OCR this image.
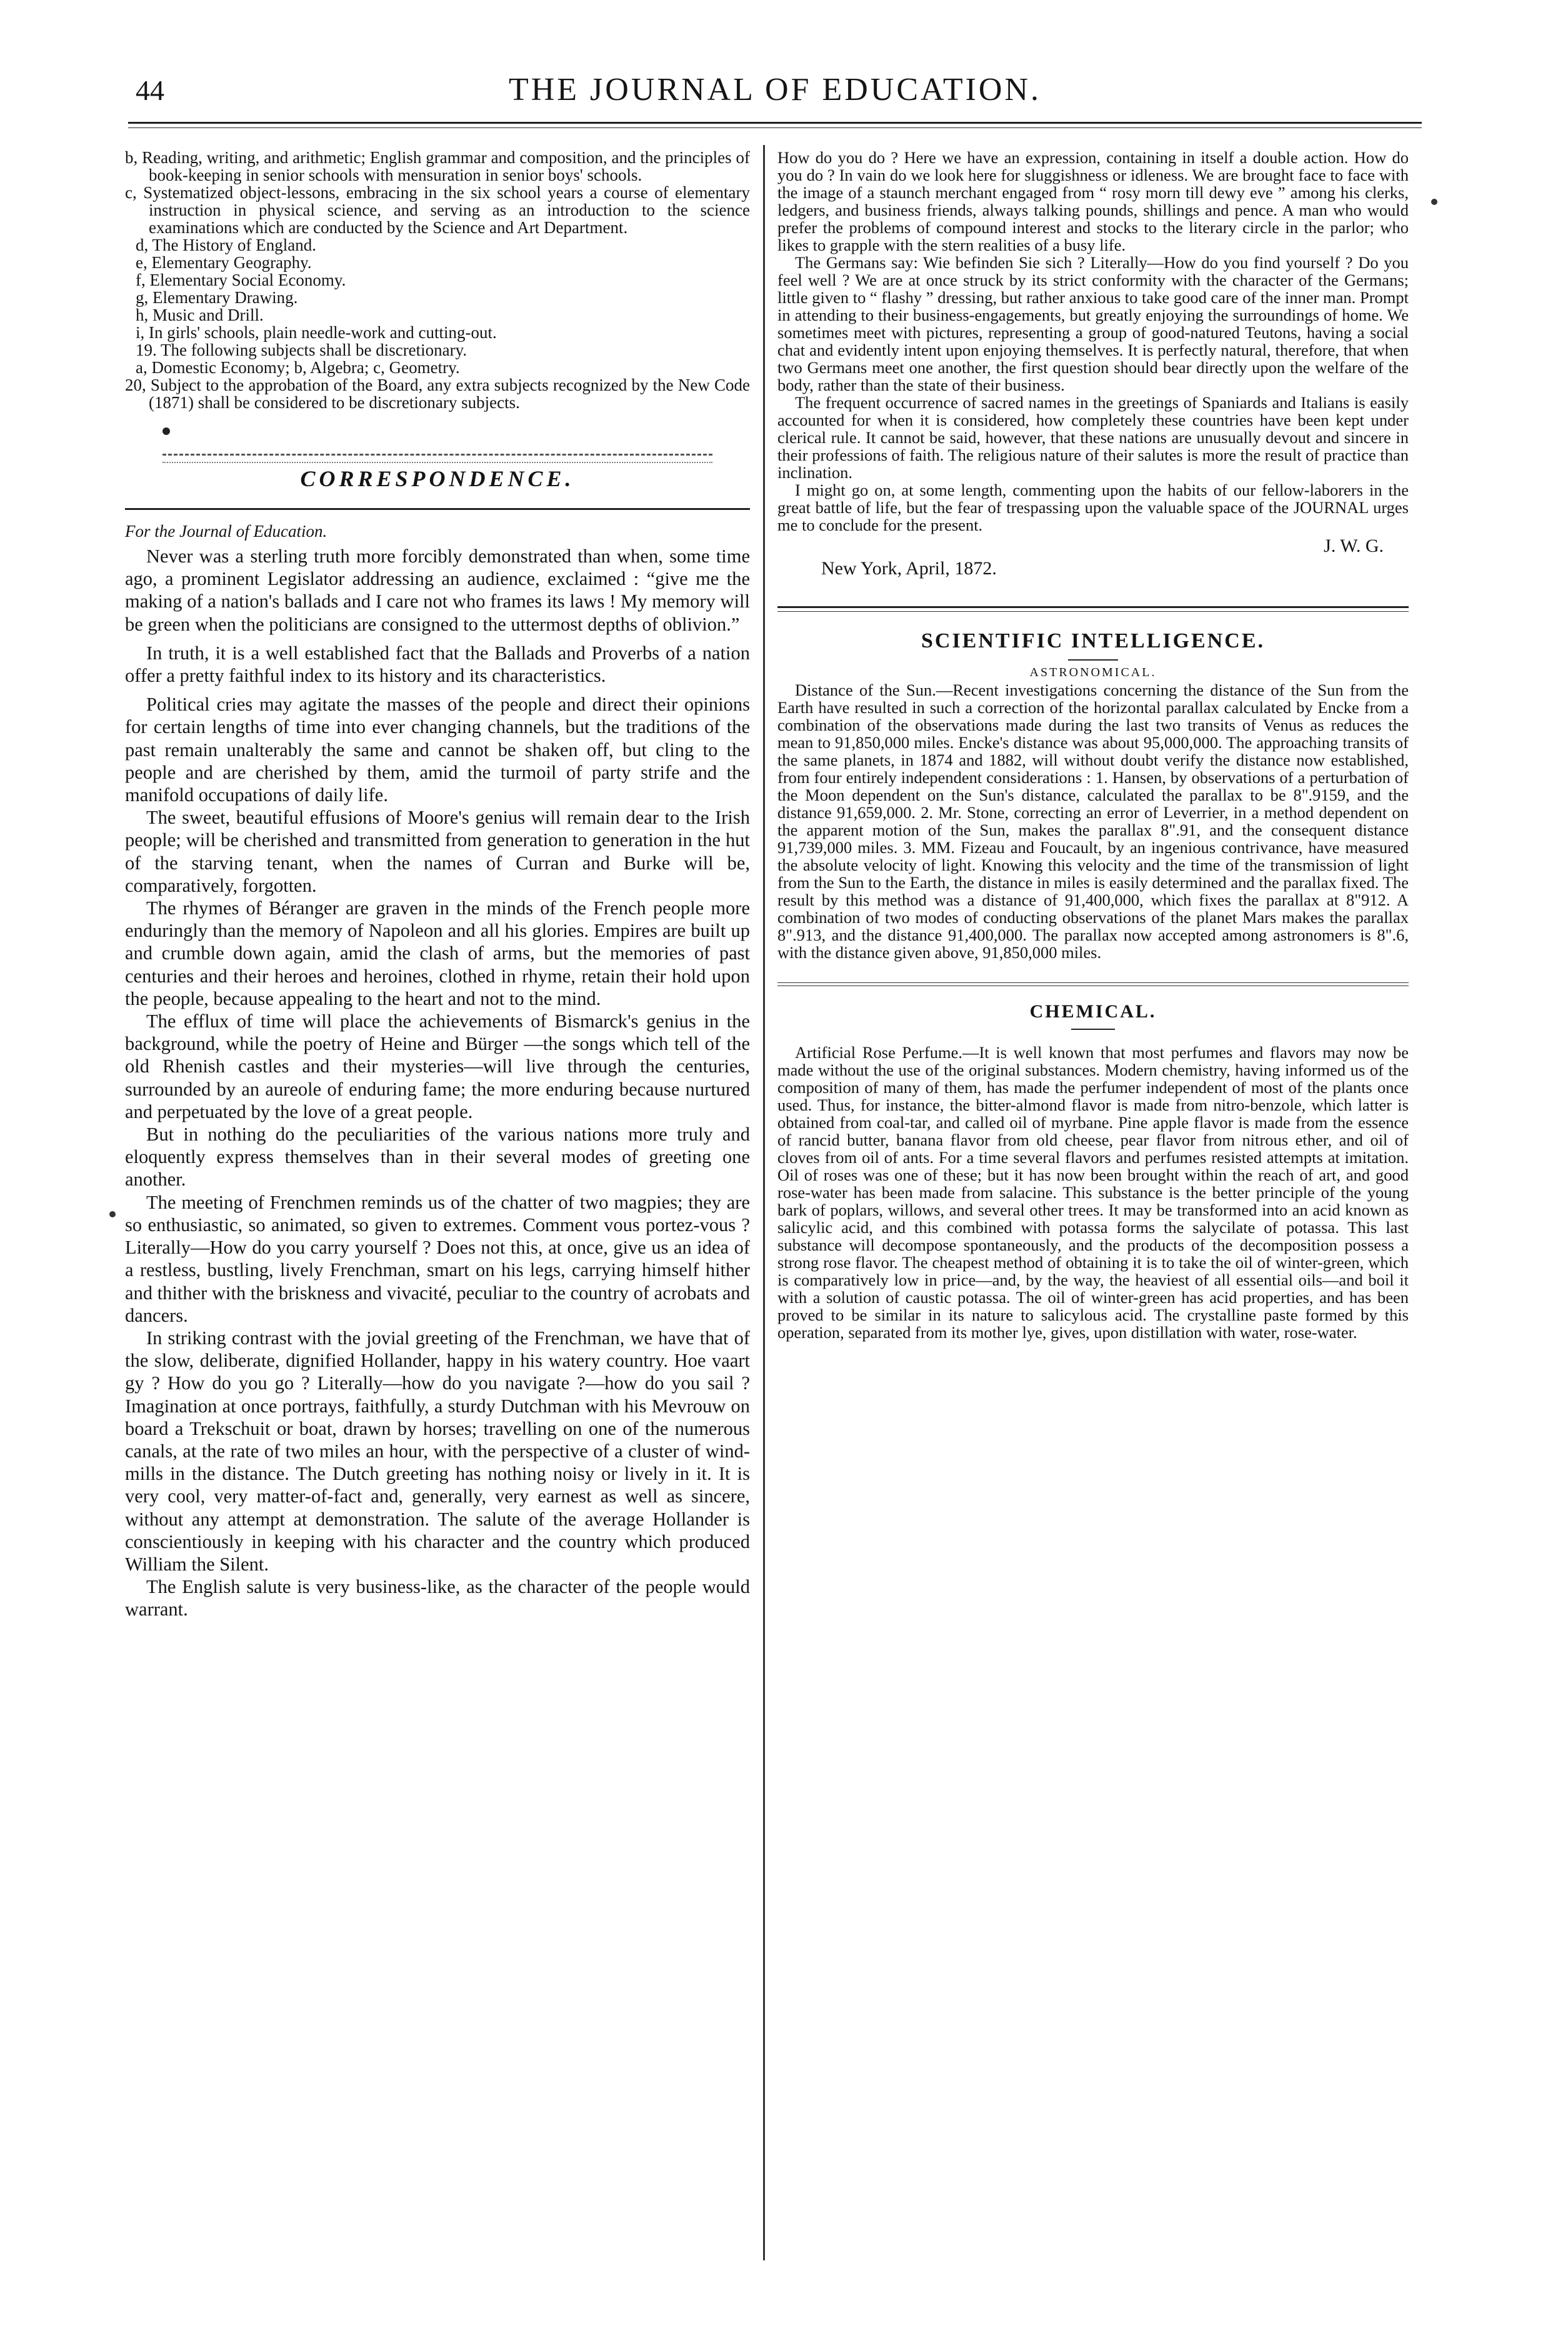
44	THE JOURNAL OF EDUCATION.

b, Reading, writing, and arithmetic; English grammar and composition, and the principles of book-keeping in senior schools with mensuration in senior boys' schools.

c, Systematized object-lessons, embracing in the six school years a course of elementary instruction in physical science, and serving as an introduction to the science examinations which are conducted by the Science and Art Department.

d, The History of England.

e, Elementary Geography.

f, Elementary Social Economy.

g, Elementary Drawing.

h, Music and Drill.

i, In girls' schools, plain needle-work and cutting-out.

19. The following subjects shall be discretionary.

a, Domestic Economy; b, Algebra; c, Geometry.

20, Subject to the approbation of the Board, any extra subjects recognized by the New Code (1871) shall be considered to be discretionary subjects.

CORRESPONDENCE.

For the Journal of Education.

Never was a sterling truth more forcibly demonstrated than when, some time ago, a prominent Legislator addressing an audience, exclaimed : “give me the making of a nation's ballads and I care not who frames its laws ! My memory will be green when the politicians are consigned to the uttermost depths of oblivion.”

In truth, it is a well established fact that the Ballads and Proverbs of a nation offer a pretty faithful index to its history and its characteristics.

Political cries may agitate the masses of the people and direct their opinions for certain lengths of time into ever changing channels, but the traditions of the past remain unalterably the same and cannot be shaken off, but cling to the people and are cherished by them, amid the turmoil of party strife and the manifold occupations of daily life.

The sweet, beautiful effusions of Moore's genius will remain dear to the Irish people; will be cherished and transmitted from generation to generation in the hut of the starving tenant, when the names of Curran and Burke will be, comparatively, forgotten.

The rhymes of Béranger are graven in the minds of the French people more enduringly than the memory of Napoleon and all his glories. Empires are built up and crumble down again, amid the clash of arms, but the memories of past centuries and their heroes and heroines, clothed in rhyme, retain their hold upon the people, because appealing to the heart and not to the mind.

The efflux of time will place the achievements of Bismarck's genius in the background, while the poetry of Heine and Bürger —the songs which tell of the old Rhenish castles and their mysteries—will live through the centuries, surrounded by an aureole of enduring fame; the more enduring because nurtured and perpetuated by the love of a great people.

But in nothing do the peculiarities of the various nations more truly and eloquently express themselves than in their several modes of greeting one another.

The meeting of Frenchmen reminds us of the chatter of two magpies; they are so enthusiastic, so animated, so given to extremes. Comment vous portez-vous ? Literally—How do you carry yourself ? Does not this, at once, give us an idea of a restless, bustling, lively Frenchman, smart on his legs, carrying himself hither and thither with the briskness and vivacité, peculiar to the country of acrobats and dancers.

In striking contrast with the jovial greeting of the Frenchman, we have that of the slow, deliberate, dignified Hollander, happy in his watery country. Hoe vaart gy ? How do you go ? Literally—how do you navigate ?—how do you sail ? Imagination at once portrays, faithfully, a sturdy Dutchman with his Mevrouw on board a Trekschuit or boat, drawn by horses; travelling on one of the numerous canals, at the rate of two miles an hour, with the perspective of a cluster of wind-mills in the distance. The Dutch greeting has nothing noisy or lively in it. It is very cool, very matter-of-fact and, generally, very earnest as well as sincere, without any attempt at demonstration. The salute of the average Hollander is conscientiously in keeping with his character and the country which produced William the Silent.

The English salute is very business-like, as the character of the people would warrant.

How do you do ? Here we have an expression, containing in itself a double action. How do you do ? In vain do we look here for sluggishness or idleness. We are brought face to face with the image of a staunch merchant engaged from “ rosy morn till dewy eve ” among his clerks, ledgers, and business friends, always talking pounds, shillings and pence. A man who would prefer the problems of compound interest and stocks to the literary circle in the parlor; who likes to grapple with the stern realities of a busy life.

The Germans say: Wie befinden Sie sich ? Literally—How do you find yourself ? Do you feel well ? We are at once struck by its strict conformity with the character of the Germans; little given to “ flashy ” dressing, but rather anxious to take good care of the inner man. Prompt in attending to their business-engagements, but greatly enjoying the surroundings of home. We sometimes meet with pictures, representing a group of good-natured Teutons, having a social chat and evidently intent upon enjoying themselves. It is perfectly natural, therefore, that when two Germans meet one another, the first question should bear directly upon the welfare of the body, rather than the state of their business.

The frequent occurrence of sacred names in the greetings of Spaniards and Italians is easily accounted for when it is considered, how completely these countries have been kept under clerical rule. It cannot be said, however, that these nations are unusually devout and sincere in their professions of faith. The religious nature of their salutes is more the result of practice than inclination.

I might go on, at some length, commenting upon the habits of our fellow-laborers in the great battle of life, but the fear of trespassing upon the valuable space of the JOURNAL urges me to conclude for the present.

J. W. G.
New York, April, 1872.
SCIENTIFIC INTELLIGENCE.
ASTRONOMICAL.

Distance of the Sun.—Recent investigations concerning the distance of the Sun from the Earth have resulted in such a correction of the horizontal parallax calculated by Encke from a combination of the observations made during the last two transits of Venus as reduces the mean to 91,850,000 miles. Encke's distance was about 95,000,000. The approaching transits of the same planets, in 1874 and 1882, will without doubt verify the distance now established, from four entirely independent considerations : 1. Hansen, by observations of a perturbation of the Moon dependent on the Sun's distance, calculated the parallax to be 8".9159, and the distance 91,659,000. 2. Mr. Stone, correcting an error of Leverrier, in a method dependent on the apparent motion of the Sun, makes the parallax 8".91, and the consequent distance 91,739,000 miles. 3. MM. Fizeau and Foucault, by an ingenious contrivance, have measured the absolute velocity of light. Knowing this velocity and the time of the transmission of light from the Sun to the Earth, the distance in miles is easily determined and the parallax fixed. The result by this method was a distance of 91,400,000, which fixes the parallax at 8"912. A combination of two modes of conducting observations of the planet Mars makes the parallax 8".913, and the distance 91,400,000. The parallax now accepted among astronomers is 8".6, with the distance given above, 91,850,000 miles.

CHEMICAL.

Artificial Rose Perfume.—It is well known that most perfumes and flavors may now be made without the use of the original substances. Modern chemistry, having informed us of the composition of many of them, has made the perfumer independent of most of the plants once used. Thus, for instance, the bitter-almond flavor is made from nitro-benzole, which latter is obtained from coal-tar, and called oil of myrbane. Pine apple flavor is made from the essence of rancid butter, banana flavor from old cheese, pear flavor from nitrous ether, and oil of cloves from oil of ants. For a time several flavors and perfumes resisted attempts at imitation. Oil of roses was one of these; but it has now been brought within the reach of art, and good rose-water has been made from salacine. This substance is the better principle of the young bark of poplars, willows, and several other trees. It may be transformed into an acid known as salicylic acid, and this combined with potassa forms the salycilate of potassa. This last substance will decompose spontaneously, and the products of the decomposition possess a strong rose flavor. The cheapest method of obtaining it is to take the oil of winter-green, which is comparatively low in price—and, by the way, the heaviest of all essential oils—and boil it with a solution of caustic potassa. The oil of winter-green has acid properties, and has been proved to be similar in its nature to salicylous acid. The crystalline paste formed by this operation, separated from its mother lye, gives, upon distillation with water, rose-water.
